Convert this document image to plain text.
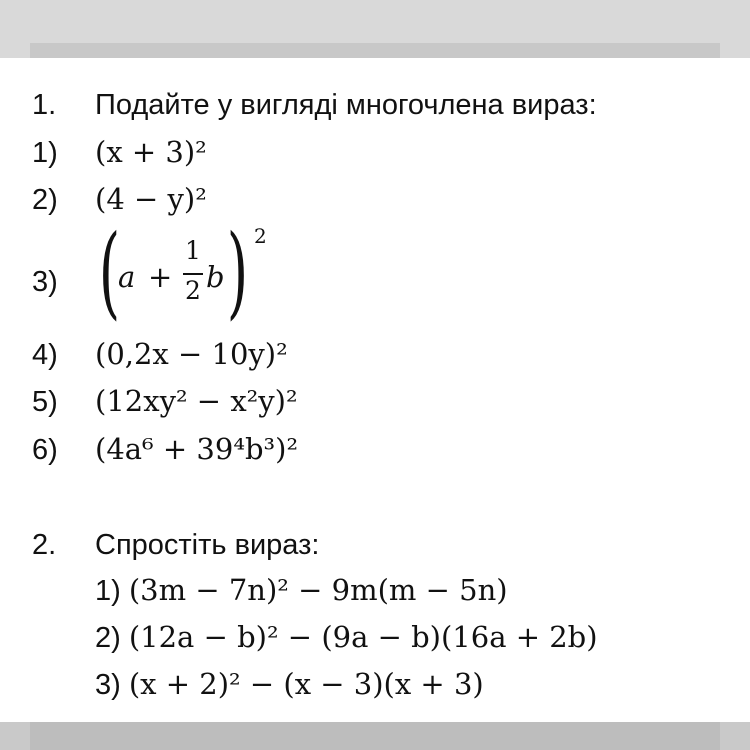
1. Подайте у вигляді многочлена вираз:
1) (x + 3)²
2) (4 − y)²
3) (
a +
1
2 b ) 2
4) (0,2x − 10y)²
5) (12xy² − x²y)²
6) (4a⁶ + 39⁴b³)²
2. Спростіть вираз:
1) (3m − 7n)² − 9m(m − 5n)
2) (12a − b)² − (9a − b)(16a + 2b)
3) (x + 2)² − (x − 3)(x + 3)
